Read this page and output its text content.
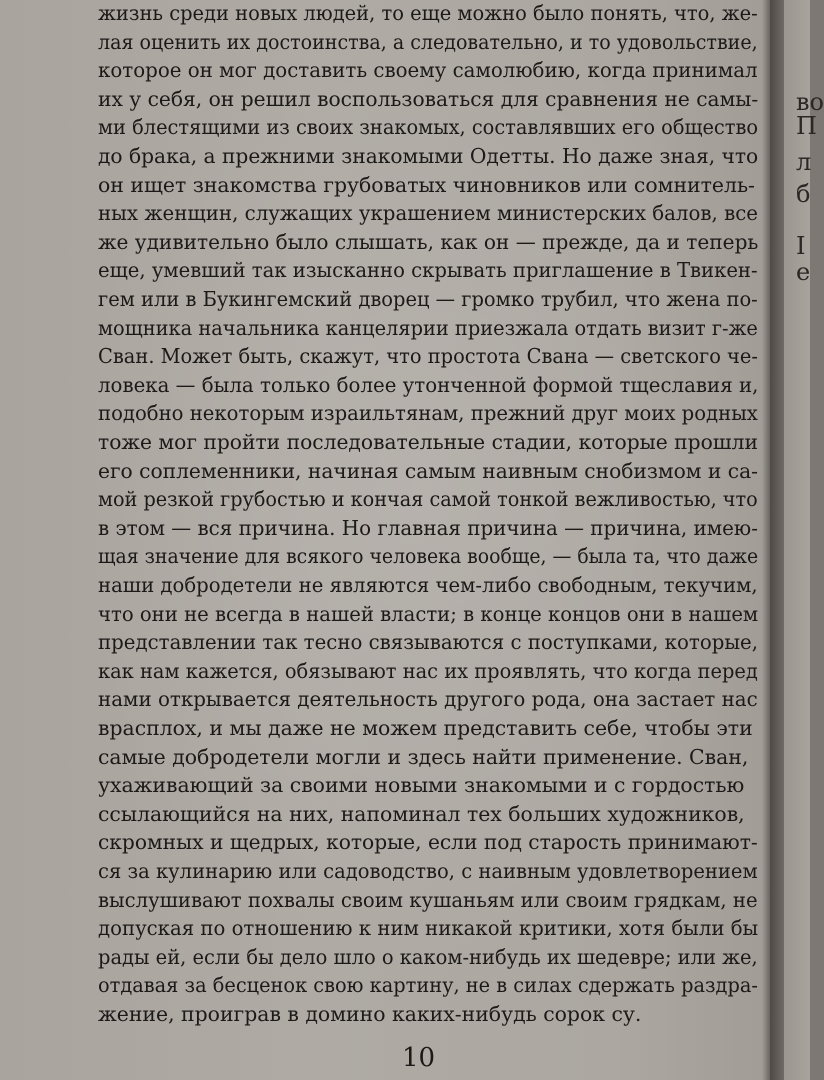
жизнь среди новых людей, то еще можно было понять, что, же-
лая оценить их достоинства, а следовательно, и то удовольствие,
которое он мог доставить своему самолюбию, когда принимал
их у себя, он решил воспользоваться для сравнения не самы-
ми блестящими из своих знакомых, составлявших его общество
до брака, а прежними знакомыми Одетты. Но даже зная, что
он ищет знакомства грубоватых чиновников или сомнитель-
ных женщин, служащих украшением министерских балов, все
же удивительно было слышать, как он — прежде, да и теперь
еще, умевший так изысканно скрывать приглашение в Твикен-
гем или в Букингемский дворец — громко трубил, что жена по-
мощника начальника канцелярии приезжала отдать визит г-же
Сван. Может быть, скажут, что простота Свана — светского че-
ловека — была только более утонченной формой тщеславия и,
подобно некоторым израильтянам, прежний друг моих родных
тоже мог пройти последовательные стадии, которые прошли
его соплеменники, начиная самым наивным снобизмом и са-
мой резкой грубостью и кончая самой тонкой вежливостью, что
в этом — вся причина. Но главная причина — причина, имею-
щая значение для всякого человека вообще, — была та, что даже
наши добродетели не являются чем-либо свободным, текучим,
что они не всегда в нашей власти; в конце концов они в нашем
представлении так тесно связываются с поступками, которые,
как нам кажется, обязывают нас их проявлять, что когда перед
нами открывается деятельность другого рода, она застает нас
врасплох, и мы даже не можем представить себе, чтобы эти
самые добродетели могли и здесь найти применение. Сван,
ухаживающий за своими новыми знакомыми и с гордостью
ссылающийся на них, напоминал тех больших художников,
скромных и щедрых, которые, если под старость принимают-
ся за кулинарию или садоводство, с наивным удовлетворением
выслушивают похвалы своим кушаньям или своим грядкам, не
допуская по отношению к ним никакой критики, хотя были бы
рады ей, если бы дело шло о каком-нибудь их шедевре; или же,
отдавая за бесценок свою картину, не в силах сдержать раздра-
жение, проиграв в домино каких-нибудь сорок су.
10
во
П
л
б
I
е
